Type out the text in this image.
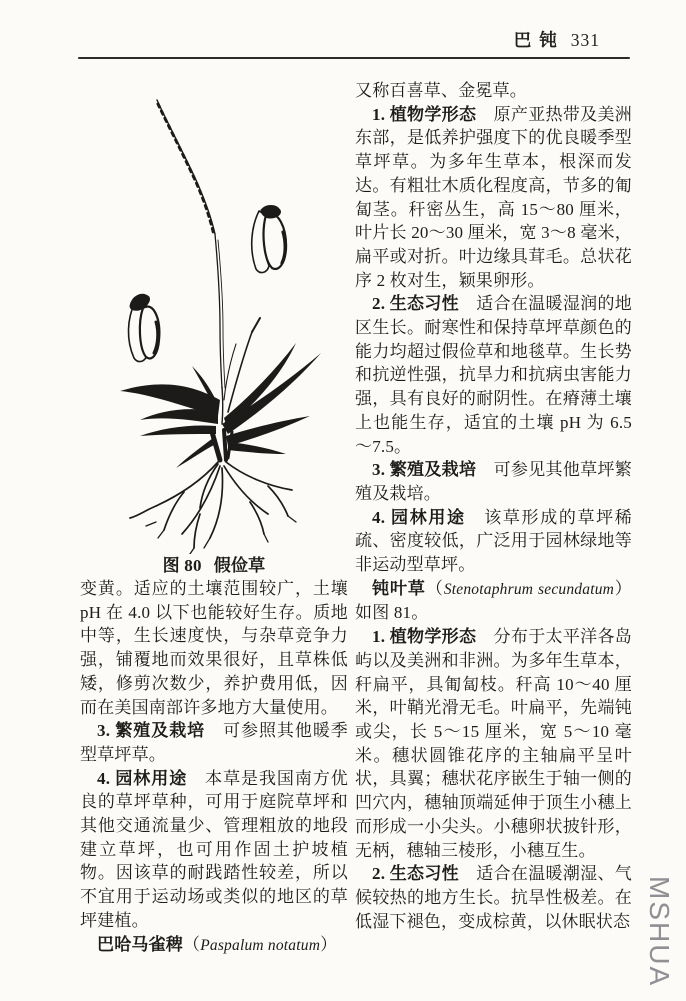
巴钝 331
图 80 假俭草

变黄。适应的土壤范围较广，土壤 pH 在 4.0 以下也能较好生存。质地中等，生长速度快，与杂草竞争力强，铺覆地而效果很好，且草株低矮，修剪次数少，养护费用低，因而在美国南部许多地方大量使用。

3. 繁殖及栽培　可参照其他暖季型草坪草。

4. 园林用途　本草是我国南方优良的草坪草种，可用于庭院草坪和其他交通流量少、管理粗放的地段建立草坪，也可用作固土护坡植物。因该草的耐践踏性较差，所以不宜用于运动场或类似的地区的草坪建植。

巴哈马雀稗（Paspalum notatum）

又称百喜草、金冕草。

1. 植物学形态　原产亚热带及美洲东部，是低养护强度下的优良暖季型草坪草。为多年生草本，根深而发达。有粗壮木质化程度高，节多的匍匐茎。秆密丛生，高 15～80 厘米，叶片长 20～30 厘米，宽 3～8 毫米，扁平或对折。叶边缘具茸毛。总状花序 2 枚对生，颖果卵形。

2. 生态习性　适合在温暖湿润的地区生长。耐寒性和保持草坪草颜色的能力均超过假俭草和地毯草。生长势和抗逆性强，抗旱力和抗病虫害能力强，具有良好的耐阴性。在瘠薄土壤上也能生存，适宜的土壤 pH 为 6.5～7.5。

3. 繁殖及栽培　可参见其他草坪繁殖及栽培。

4. 园林用途　该草形成的草坪稀疏、密度较低，广泛用于园林绿地等非运动型草坪。

钝叶草（Stenotaphrum secundatum）如图 81。

1. 植物学形态　分布于太平洋各岛屿以及美洲和非洲。为多年生草本，秆扁平，具匍匐枝。秆高 10～40 厘米，叶鞘光滑无毛。叶扁平，先端钝或尖，长 5～15 厘米，宽 5～10 毫米。穗状圆锥花序的主轴扁平呈叶状，具翼；穗状花序嵌生于轴一侧的凹穴内，穗轴顶端延伸于顶生小穗上而形成一小尖头。小穗卵状披针形，无柄，穗轴三棱形，小穗互生。

2. 生态习性　适合在温暖潮湿、气候较热的地方生长。抗旱性极差。在低湿下褪色，变成棕黄，以休眠状态 MSHUA
